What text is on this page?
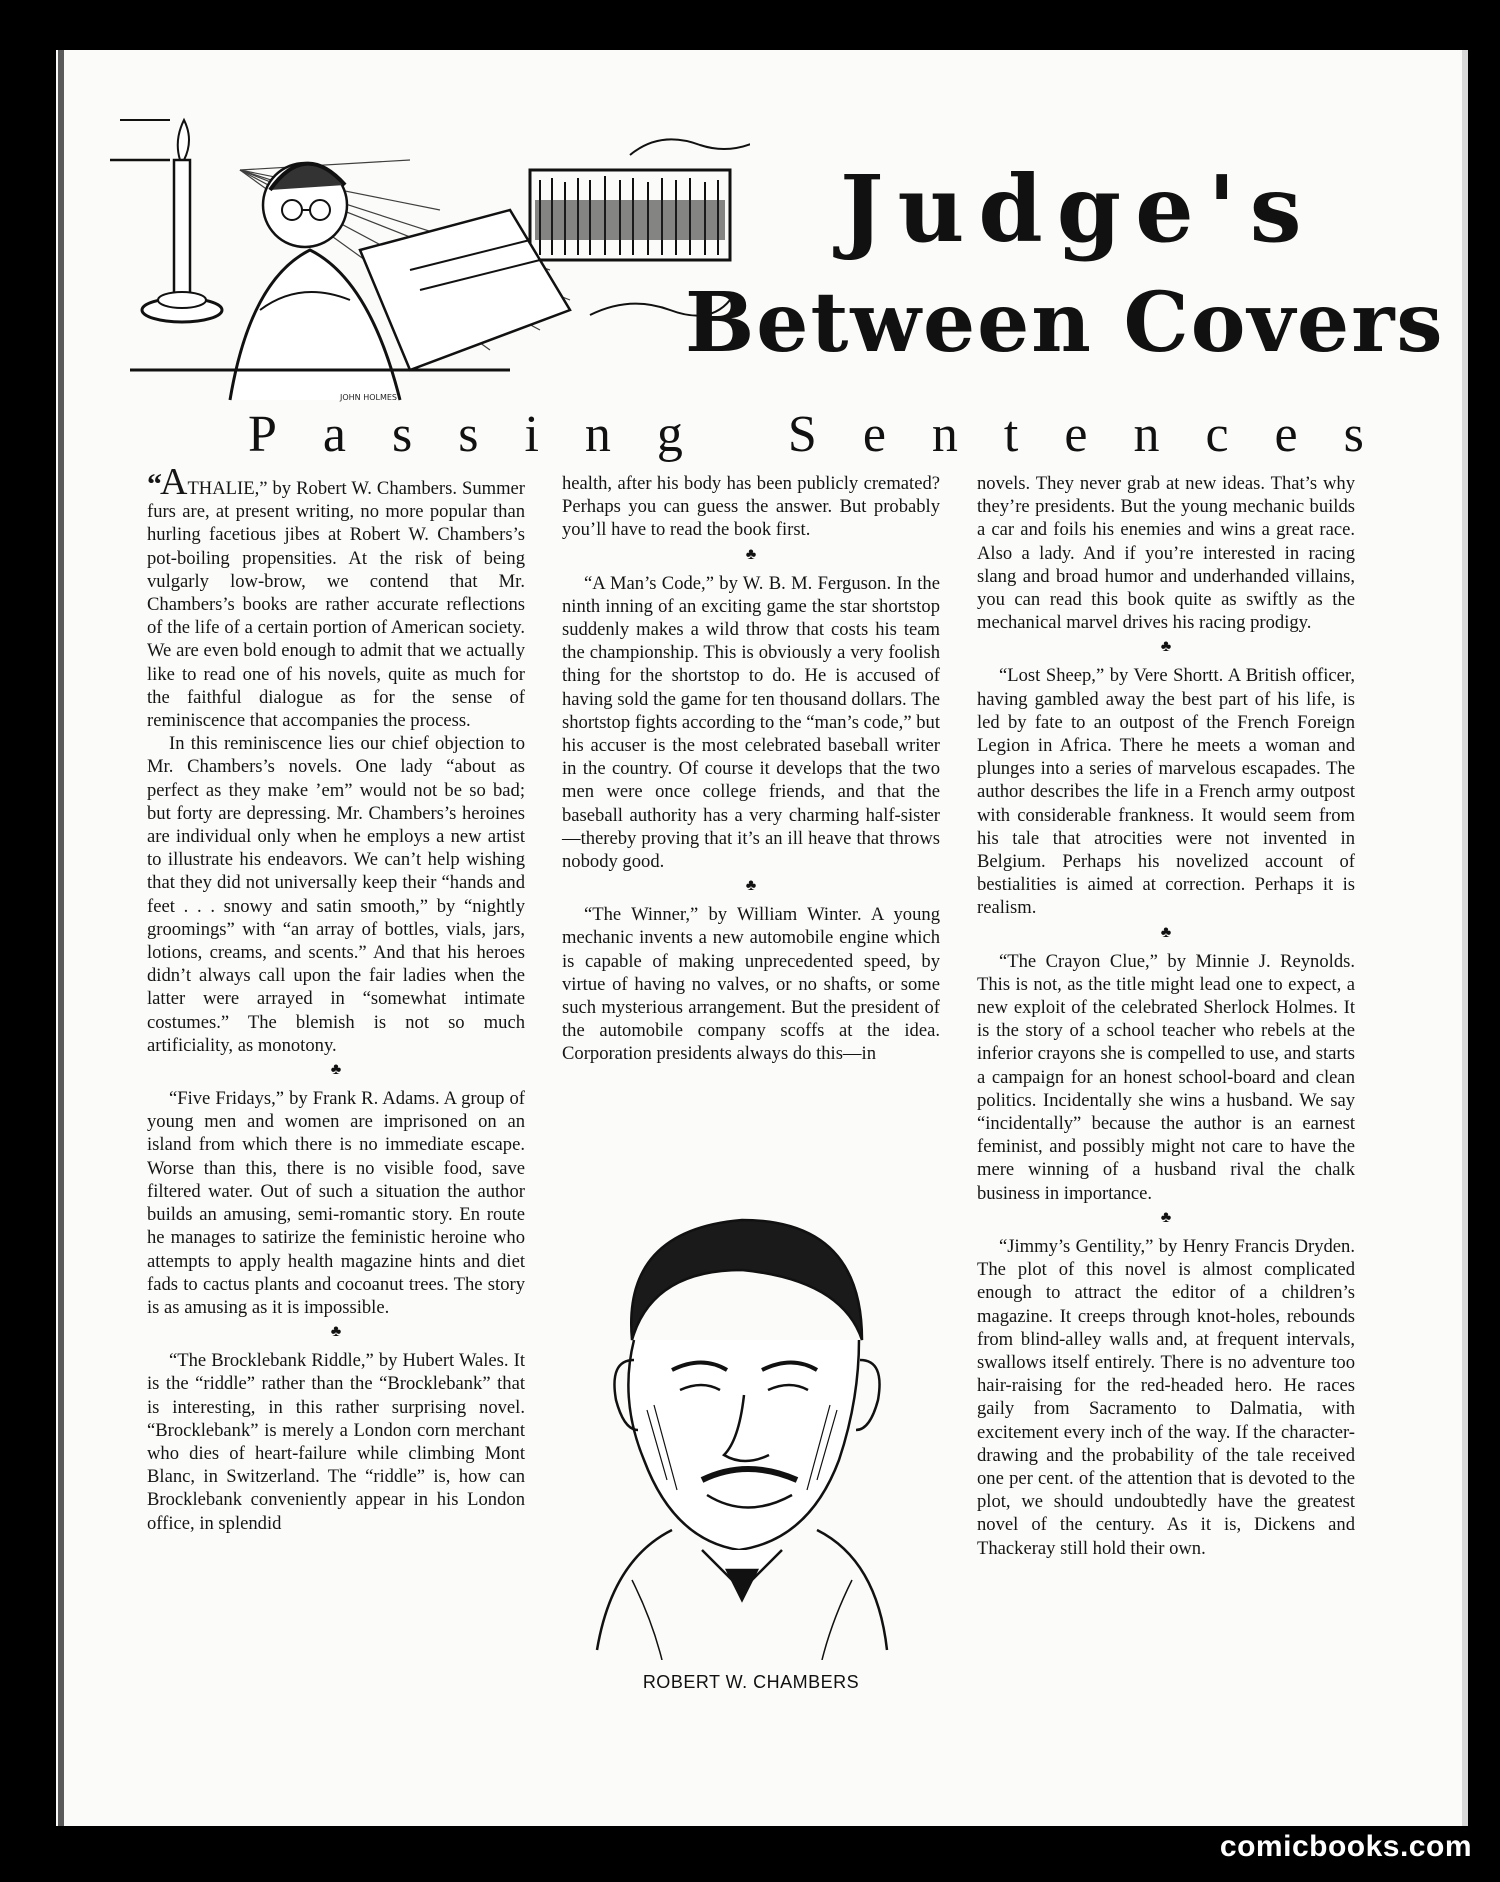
JOHN HOLMES
Judge's
Between Covers
Passing Sentences

“ATHALIE,” by Robert W. Chambers. Summer furs are, at present writing, no more popular than hurling facetious jibes at Robert W. Chambers’s pot-boiling propensities. At the risk of being vulgarly low-brow, we contend that Mr. Chambers’s books are rather accurate reflections of the life of a certain portion of American society. We are even bold enough to admit that we actually like to read one of his novels, quite as much for the faithful dialogue as for the sense of reminiscence that accompanies the process.

In this reminiscence lies our chief objection to Mr. Chambers’s novels. One lady “about as perfect as they make ’em” would not be so bad; but forty are depressing. Mr. Chambers’s heroines are individual only when he employs a new artist to illustrate his endeavors. We can’t help wishing that they did not universally keep their “hands and feet . . . snowy and satin smooth,” by “nightly groomings” with “an array of bottles, vials, jars, lotions, creams, and scents.” And that his heroes didn’t always call upon the fair ladies when the latter were arrayed in “somewhat intimate costumes.” The blemish is not so much artificiality, as monotony.

♣

“Five Fridays,” by Frank R. Adams. A group of young men and women are imprisoned on an island from which there is no immediate escape. Worse than this, there is no visible food, save filtered water. Out of such a situation the author builds an amusing, semi-romantic story. En route he manages to satirize the feministic heroine who attempts to apply health magazine hints and diet fads to cactus plants and cocoanut trees. The story is as amusing as it is impossible.

♣

“The Brocklebank Riddle,” by Hubert Wales. It is the “riddle” rather than the “Brocklebank” that is interesting, in this rather surprising novel. “Brocklebank” is merely a London corn merchant who dies of heart-failure while climbing Mont Blanc, in Switzerland. The “riddle” is, how can Brocklebank conveniently appear in his London office, in splendid

health, after his body has been publicly cremated? Perhaps you can guess the answer. But probably you’ll have to read the book first.

♣

“A Man’s Code,” by W. B. M. Ferguson. In the ninth inning of an exciting game the star shortstop suddenly makes a wild throw that costs his team the championship. This is obviously a very foolish thing for the shortstop to do. He is accused of having sold the game for ten thousand dollars. The shortstop fights according to the “man’s code,” but his accuser is the most celebrated baseball writer in the country. Of course it develops that the two men were once college friends, and that the baseball authority has a very charming half-sister—thereby proving that it’s an ill heave that throws nobody good.

♣

“The Winner,” by William Winter. A young mechanic invents a new automobile engine which is capable of making unprecedented speed, by virtue of having no valves, or no shafts, or some such mysterious arrangement. But the president of the automobile company scoffs at the idea. Corporation presidents always do this—in

ROBERT W. CHAMBERS

novels. They never grab at new ideas. That’s why they’re presidents. But the young mechanic builds a car and foils his enemies and wins a great race. Also a lady. And if you’re interested in racing slang and broad humor and underhanded villains, you can read this book quite as swiftly as the mechanical marvel drives his racing prodigy.

♣

“Lost Sheep,” by Vere Shortt. A British officer, having gambled away the best part of his life, is led by fate to an outpost of the French Foreign Legion in Africa. There he meets a woman and plunges into a series of marvelous escapades. The author describes the life in a French army outpost with considerable frankness. It would seem from his tale that atrocities were not invented in Belgium. Perhaps his novelized account of bestialities is aimed at correction. Perhaps it is realism.

♣

“The Crayon Clue,” by Minnie J. Reynolds. This is not, as the title might lead one to expect, a new exploit of the celebrated Sherlock Holmes. It is the story of a school teacher who rebels at the inferior crayons she is compelled to use, and starts a campaign for an honest school-board and clean politics. Incidentally she wins a husband. We say “incidentally” because the author is an earnest feminist, and possibly might not care to have the mere winning of a husband rival the chalk business in importance.

♣

“Jimmy’s Gentility,” by Henry Francis Dryden. The plot of this novel is almost complicated enough to attract the editor of a children’s magazine. It creeps through knot-holes, rebounds from blind-alley walls and, at frequent intervals, swallows itself entirely. There is no adventure too hair-raising for the red-headed hero. He races gaily from Sacramento to Dalmatia, with excitement every inch of the way. If the character-drawing and the probability of the tale received one per cent. of the attention that is devoted to the plot, we should undoubtedly have the greatest novel of the century. As it is, Dickens and Thackeray still hold their own.

comicbooks.com
